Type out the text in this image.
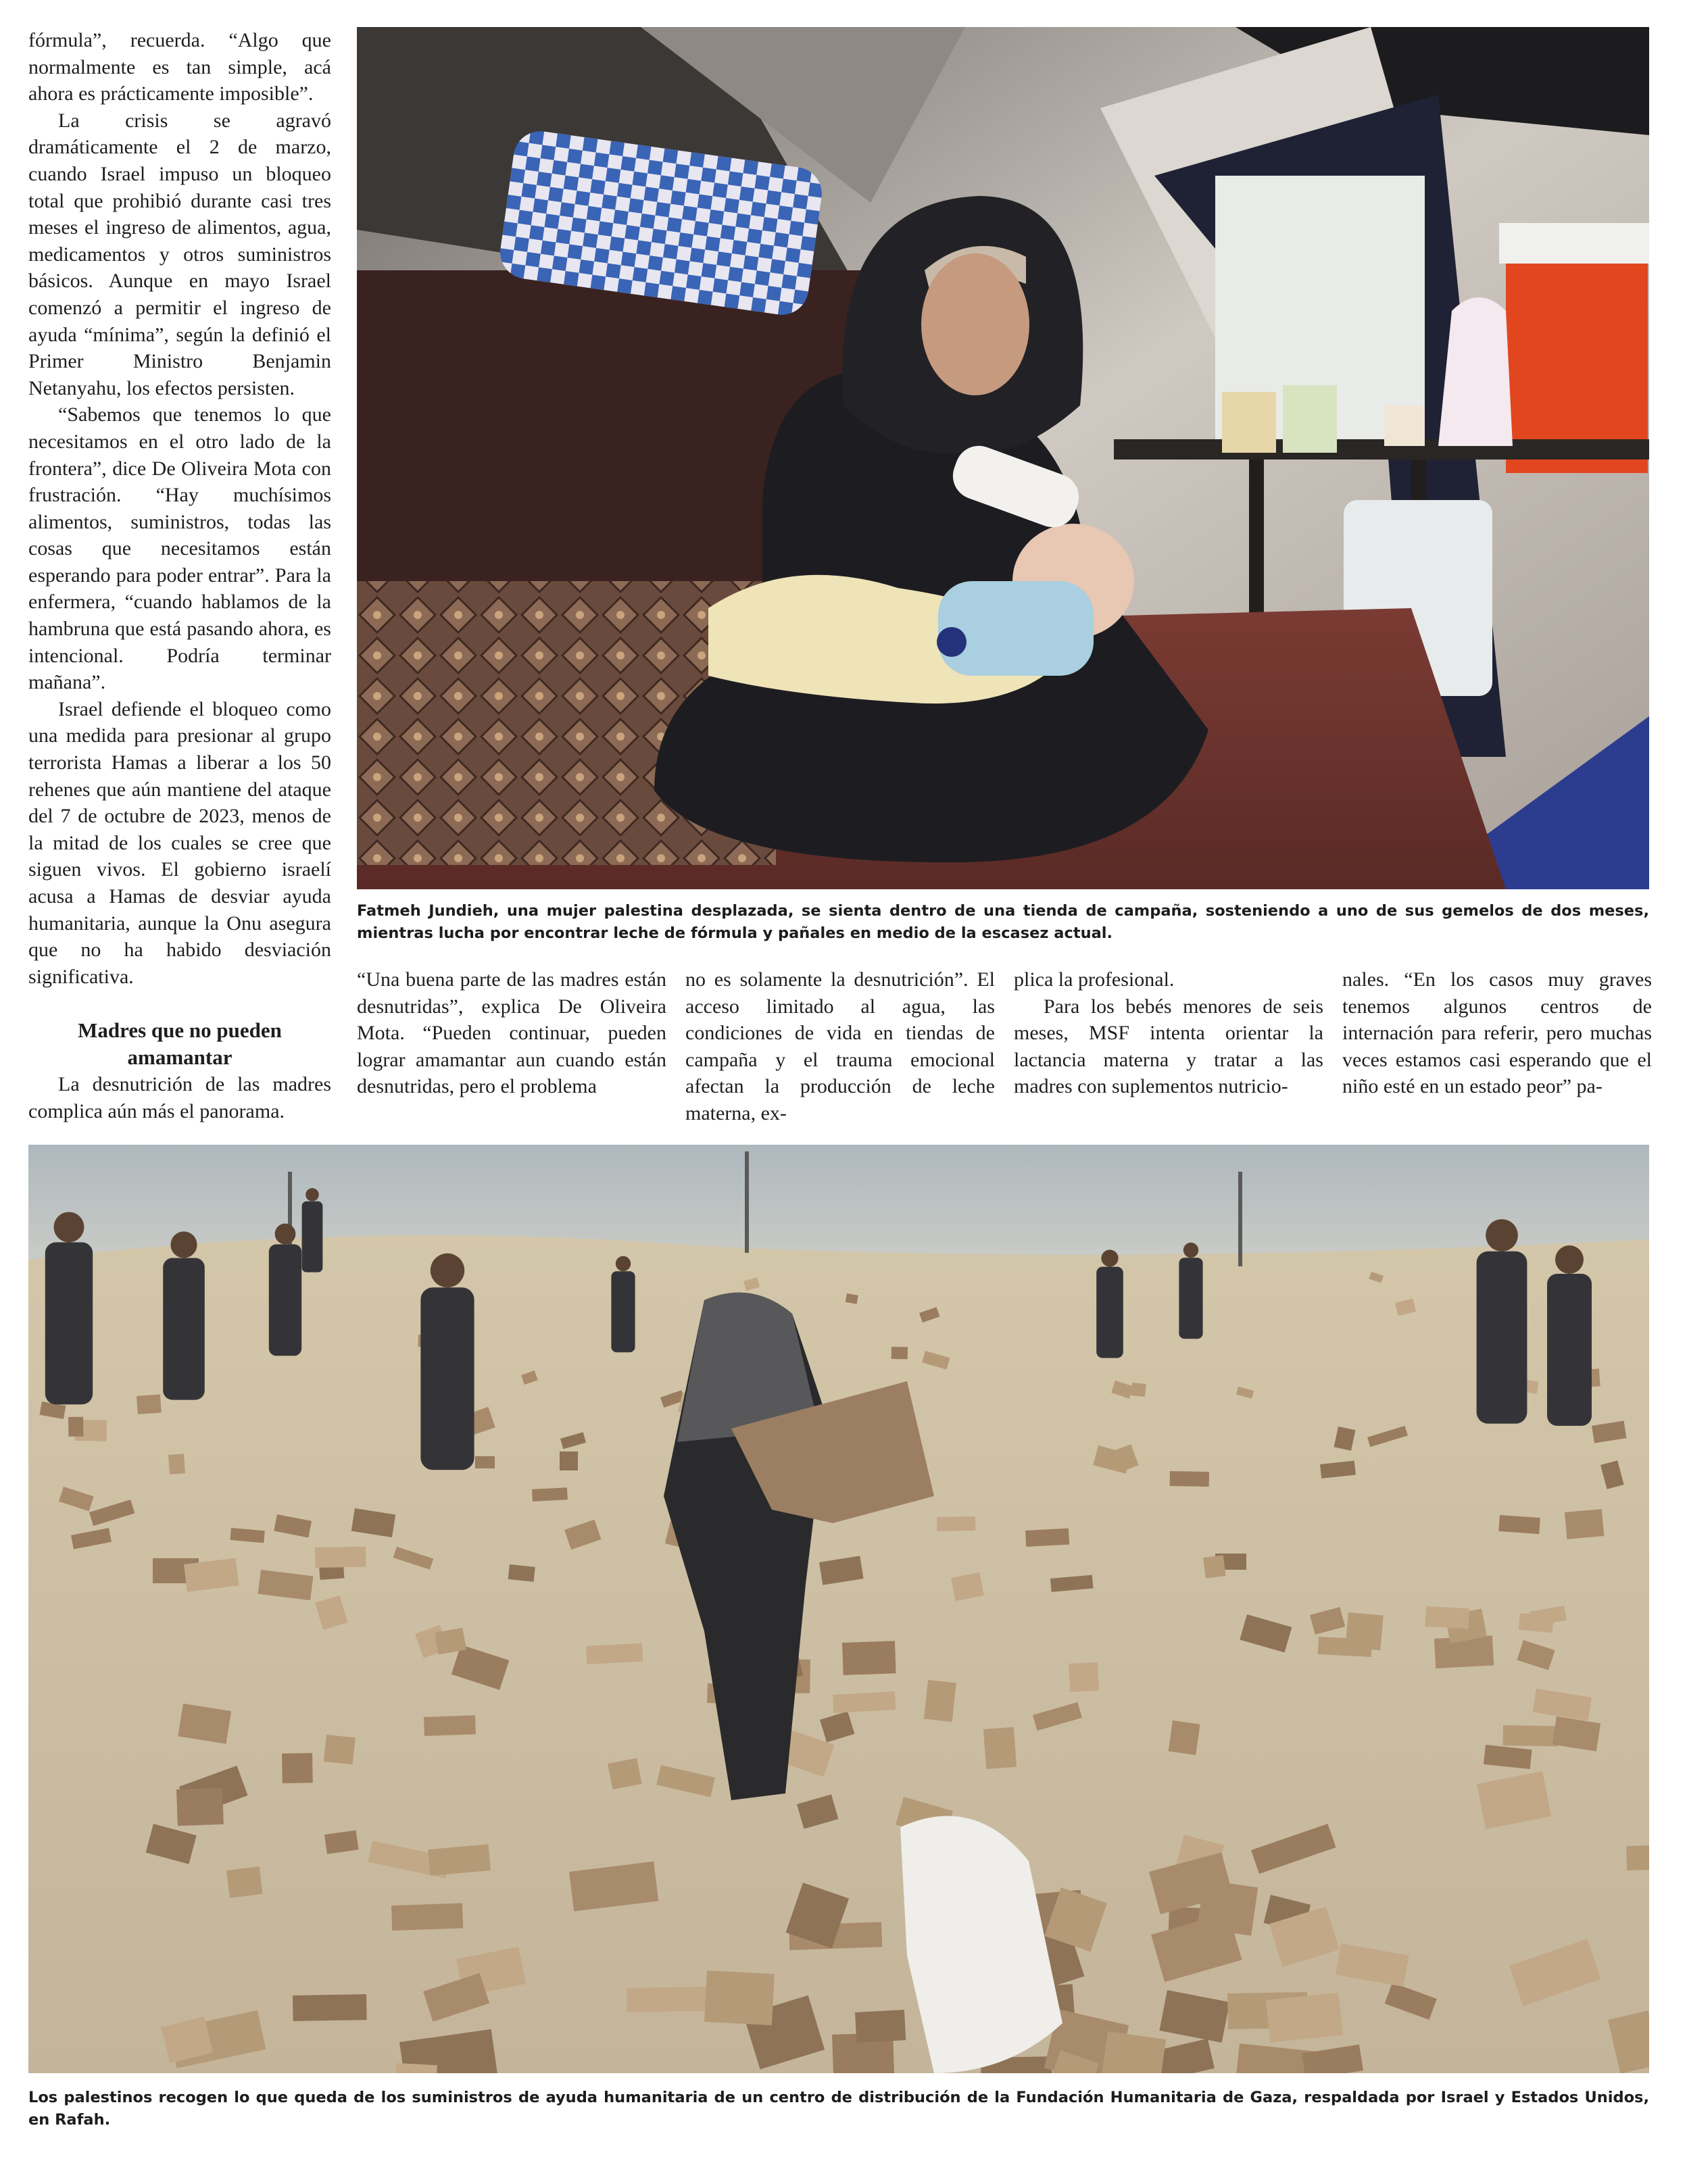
fórmula”, recuerda. “Algo que normalmente es tan simple, acá ahora es prácticamente imposible”.

La crisis se agravó dramáticamente el 2 de marzo, cuando Israel impuso un bloqueo total que prohibió durante casi tres meses el ingreso de alimentos, agua, medicamentos y otros suministros básicos. Aunque en mayo Israel comenzó a permitir el ingreso de ayuda “mínima”, según la definió el Primer Ministro Benjamin Netanyahu, los efectos persisten.

“Sabemos que tenemos lo que necesitamos en el otro lado de la frontera”, dice De Oliveira Mota con frustración. “Hay muchísimos alimentos, suministros, todas las cosas que necesitamos están esperando para poder entrar”. Para la enfermera, “cuando hablamos de la hambruna que está pasando ahora, es intencional. Podría terminar mañana”.

Israel defiende el bloqueo como una medida para presionar al grupo terrorista Hamas a liberar a los 50 rehenes que aún mantiene del ataque del 7 de octubre de 2023, menos de la mitad de los cuales se cree que siguen vivos. El gobierno israelí acusa a Hamas de desviar ayuda humanitaria, aunque la Onu asegura que no ha habido desviación significativa.

Madres que no pueden amamantar

La desnutrición de las madres complica aún más el panorama.

Fatmeh Jundieh, una mujer palestina desplazada, se sienta dentro de una tienda de campaña, sosteniendo a uno de sus gemelos de dos meses, mientras lucha por encontrar leche de fórmula y pañales en medio de la escasez actual.

“Una buena parte de las madres están desnutridas”, explica De Oliveira Mota. “Pueden continuar, pueden lograr amamantar aun cuando están desnutridas, pero el problema

no es solamente la desnutrición”. El acceso limitado al agua, las condiciones de vida en tiendas de campaña y el trauma emocional afectan la producción de leche materna, ex-

plica la profesional.

Para los bebés menores de seis meses, MSF intenta orientar la lactancia materna y tratar a las madres con suplementos nutricio-

nales. “En los casos muy graves tenemos algunos centros de internación para referir, pero muchas veces estamos casi esperando que el niño esté en un estado peor” pa-

Los palestinos recogen lo que queda de los suministros de ayuda humanitaria de un centro de distribución de la Fundación Humanitaria de Gaza, respaldada por Israel y Estados Unidos, en Rafah.
